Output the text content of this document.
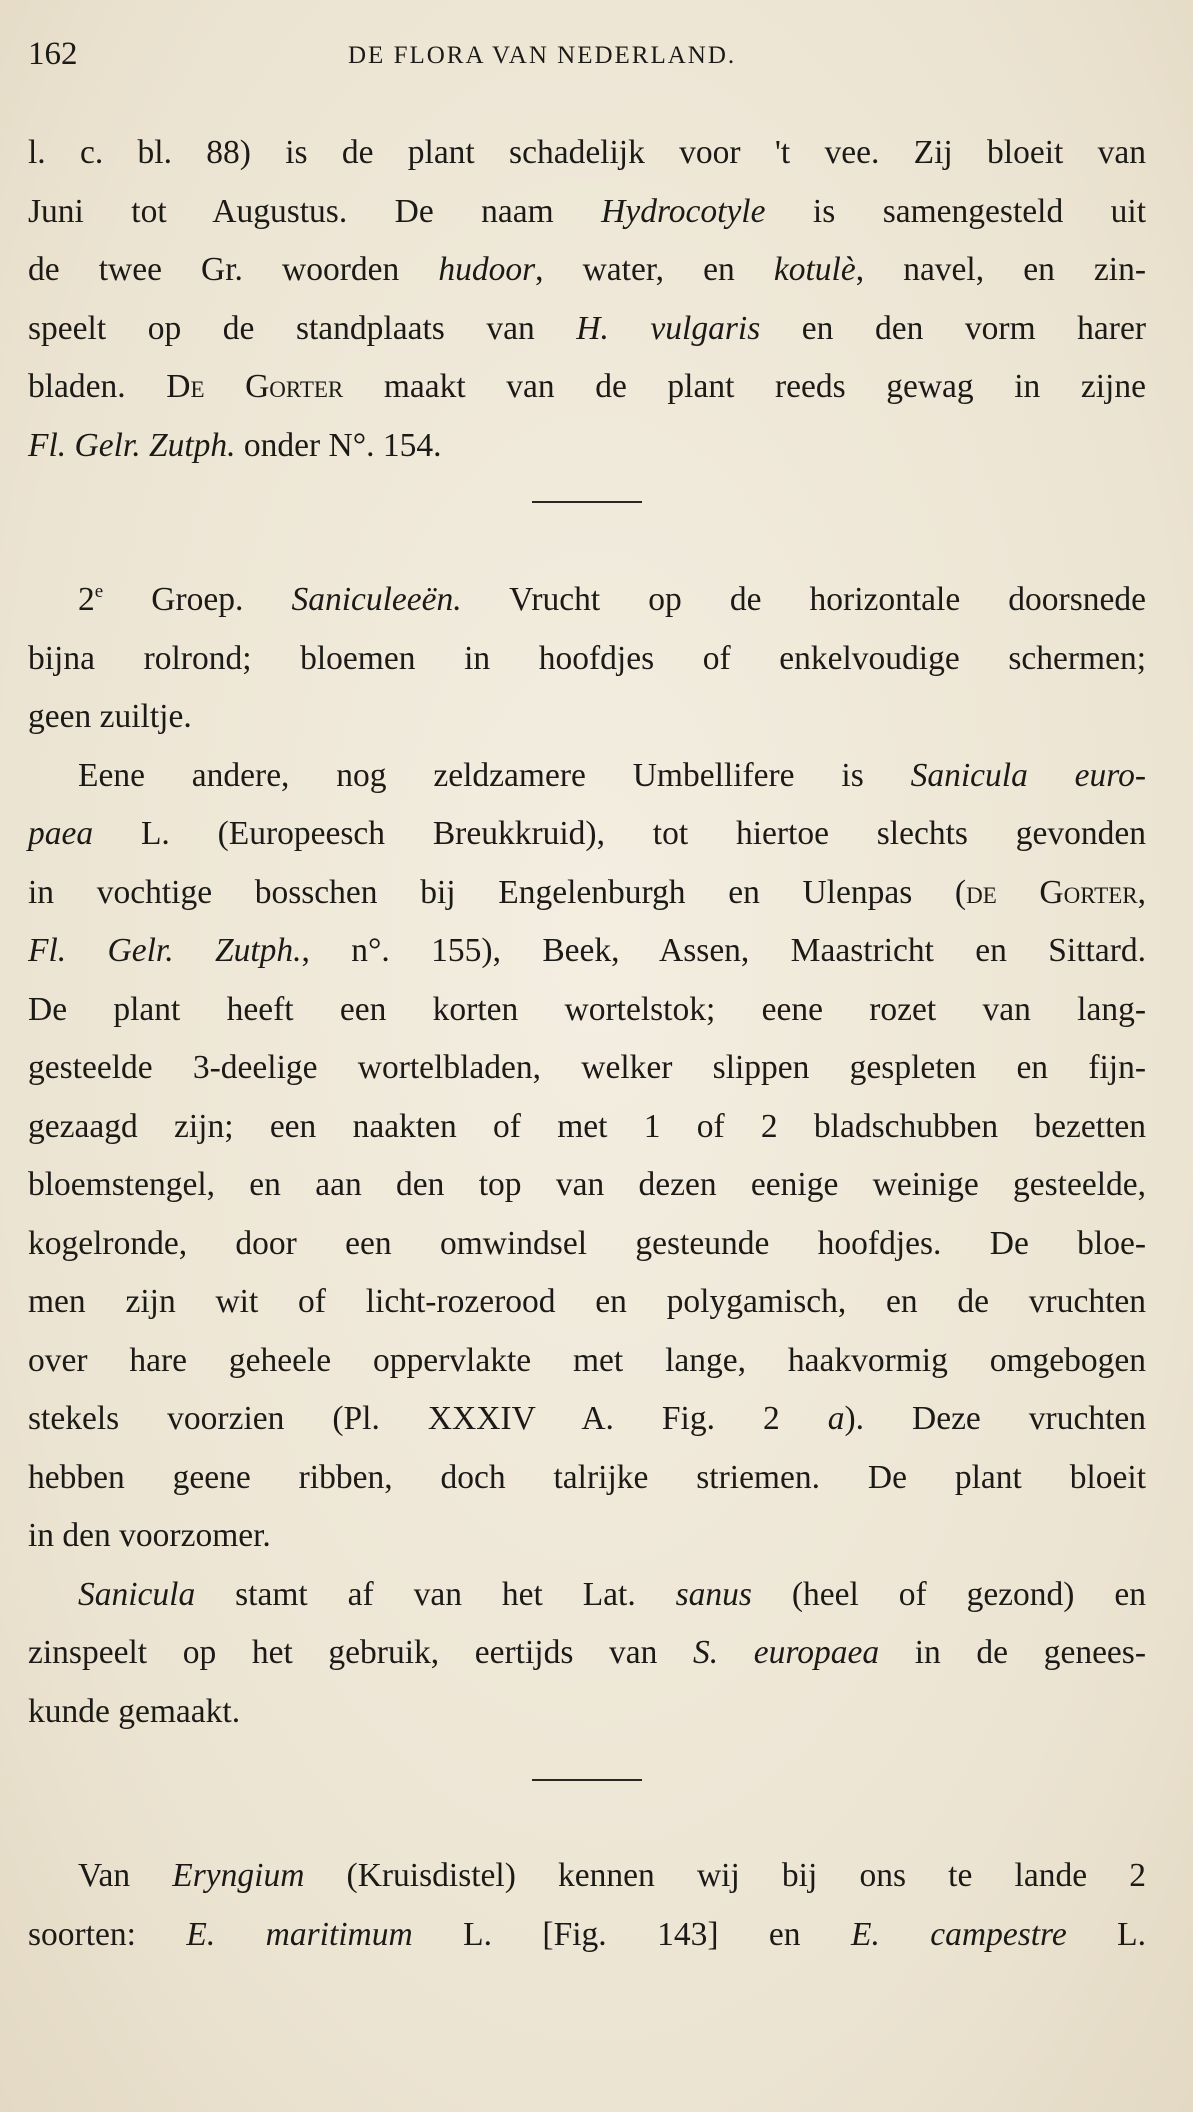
162	DE FLORA VAN NEDERLAND.
l. c. bl. 88) is de plant schadelijk voor 't vee. Zij bloeit van
Juni tot Augustus. De naam Hydrocotyle is samengesteld uit
de twee Gr. woorden hudoor, water, en kotulè, navel, en zin-
speelt op de standplaats van H. vulgaris en den vorm harer
bladen. De Gorter maakt van de plant reeds gewag in zijne
Fl. Gelr. Zutph. onder N°. 154.
2e Groep. Saniculeeën. Vrucht op de horizontale doorsnede
bijna rolrond; bloemen in hoofdjes of enkelvoudige schermen;
geen zuiltje.
Eene andere, nog zeldzamere Umbellifere is Sanicula euro-
paea L. (Europeesch Breukkruid), tot hiertoe slechts gevonden
in vochtige bosschen bij Engelenburgh en Ulenpas (de Gorter,
Fl. Gelr. Zutph., n°. 155), Beek, Assen, Maastricht en Sittard.
De plant heeft een korten wortelstok; eene rozet van lang-
gesteelde 3-deelige wortelbladen, welker slippen gespleten en fijn-
gezaagd zijn; een naakten of met 1 of 2 bladschubben bezetten
bloemstengel, en aan den top van dezen eenige weinige gesteelde,
kogelronde, door een omwindsel gesteunde hoofdjes. De bloe-
men zijn wit of licht-rozerood en polygamisch, en de vruchten
over hare geheele oppervlakte met lange, haakvormig omgebogen
stekels voorzien (Pl. XXXIV A. Fig. 2 a). Deze vruchten
hebben geene ribben, doch talrijke striemen. De plant bloeit
in den voorzomer.
Sanicula stamt af van het Lat. sanus (heel of gezond) en
zinspeelt op het gebruik, eertijds van S. europaea in de genees-
kunde gemaakt.
Van Eryngium (Kruisdistel) kennen wij bij ons te lande 2
soorten: E. maritimum L. [Fig. 143] en E. campestre L.
